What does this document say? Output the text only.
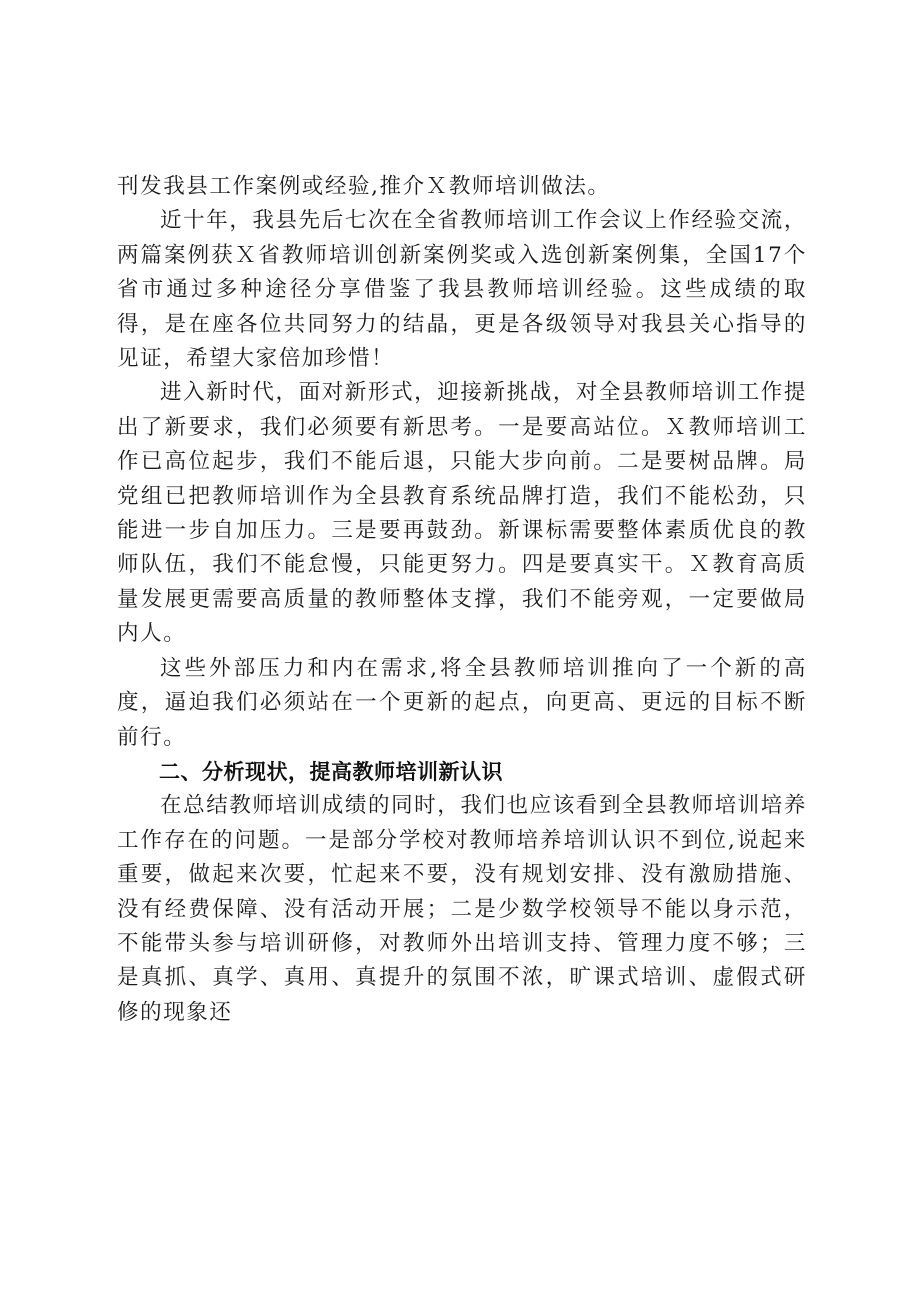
刊发我县工作案例或经验,推介Ｘ教师培训做法。

近十年，我县先后七次在全省教师培训工作会议上作经验交流，两篇案例获Ｘ省教师培训创新案例奖或入选创新案例集，全国17个省市通过多种途径分享借鉴了我县教师培训经验。这些成绩的取得，是在座各位共同努力的结晶，更是各级领导对我县关心指导的见证，希望大家倍加珍惜！

进入新时代，面对新形式，迎接新挑战，对全县教师培训工作提出了新要求，我们必须要有新思考。一是要高站位。Ｘ教师培训工作已高位起步，我们不能后退，只能大步向前。二是要树品牌。局党组已把教师培训作为全县教育系统品牌打造，我们不能松劲，只能进一步自加压力。三是要再鼓劲。新课标需要整体素质优良的教师队伍，我们不能怠慢，只能更努力。四是要真实干。Ｘ教育高质量发展更需要高质量的教师整体支撑，我们不能旁观，一定要做局内人。

这些外部压力和内在需求,将全县教师培训推向了一个新的高度，逼迫我们必须站在一个更新的起点，向更高、更远的目标不断前行。

二、分析现状，提高教师培训新认识

在总结教师培训成绩的同时，我们也应该看到全县教师培训培养工作存在的问题。一是部分学校对教师培养培训认识不到位,说起来重要，做起来次要，忙起来不要，没有规划安排、没有激励措施、没有经费保障、没有活动开展；二是少数学校领导不能以身示范，不能带头参与培训研修，对教师外出培训支持、管理力度不够；三是真抓、真学、真用、真提升的氛围不浓，旷课式培训、虚假式研修的现象还
